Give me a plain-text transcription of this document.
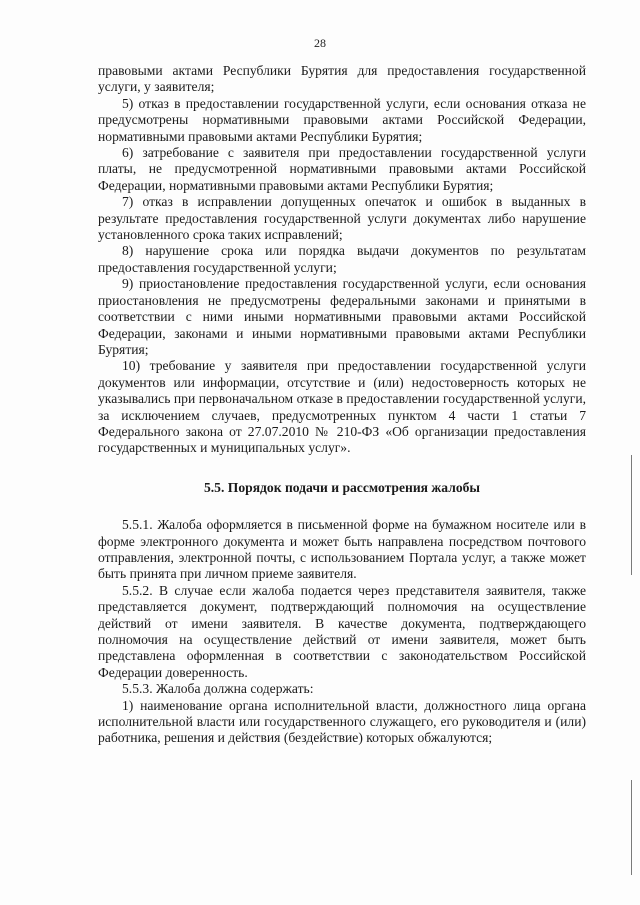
28

правовыми актами Республики Бурятия для предоставления государственной услуги, у заявителя;

5) отказ в предоставлении государственной услуги, если основания отказа не предусмотрены нормативными правовыми актами Российской Федерации, нормативными правовыми актами Республики Бурятия;

6) затребование с заявителя при предоставлении государственной услуги платы, не предусмотренной нормативными правовыми актами Российской Федерации, нормативными правовыми актами Республики Бурятия;

7) отказ в исправлении допущенных опечаток и ошибок в выданных в результате предоставления государственной услуги документах либо нарушение установленного срока таких исправлений;

8) нарушение срока или порядка выдачи документов по результатам предоставления государственной услуги;

9) приостановление предоставления государственной услуги, если основания приостановления не предусмотрены федеральными законами и принятыми в соответствии с ними иными нормативными правовыми актами Российской Федерации, законами и иными нормативными правовыми актами Республики Бурятия;

10) требование у заявителя при предоставлении государственной услуги документов или информации, отсутствие и (или) недостоверность которых не указывались при первоначальном отказе в предоставлении государственной услуги, за исключением случаев, предусмотренных пунктом 4 части 1 статьи 7 Федерального закона от 27.07.2010 № 210-ФЗ «Об организации предоставления государственных и муниципальных услуг».

5.5. Порядок подачи и рассмотрения жалобы

5.5.1. Жалоба оформляется в письменной форме на бумажном носителе или в форме электронного документа и может быть направлена посредством почтового отправления, электронной почты, с использованием Портала услуг, а также может быть принята при личном приеме заявителя.

5.5.2. В случае если жалоба подается через представителя заявителя, также представляется документ, подтверждающий полномочия на осуществление действий от имени заявителя. В качестве документа, подтверждающего полномочия на осуществление действий от имени заявителя, может быть представлена оформленная в соответствии с законодательством Российской Федерации доверенность.

5.5.3. Жалоба должна содержать:

1) наименование органа исполнительной власти, должностного лица органа исполнительной власти или государственного служащего, его руководителя и (или) работника, решения и действия (бездействие) которых обжалуются;
